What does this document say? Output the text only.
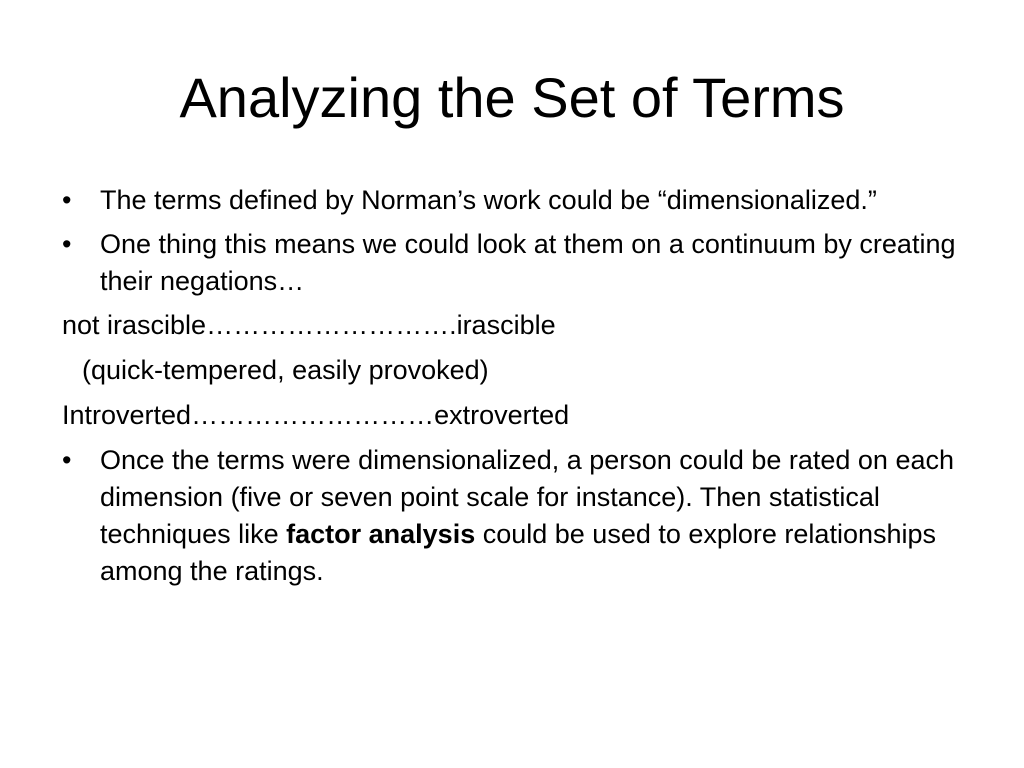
Analyzing the Set of Terms
• The terms defined by Norman’s work could be “dimensionalized.”
• One thing this means we could look at them on a continuum by creating their negations…
not irascible……………………….irascible
(quick-tempered, easily provoked)
Introverted………………………extroverted
• Once the terms were dimensionalized, a person could be rated on each dimension (five or seven point scale for instance). Then statistical techniques like factor analysis could be used to explore relationships among the ratings.
